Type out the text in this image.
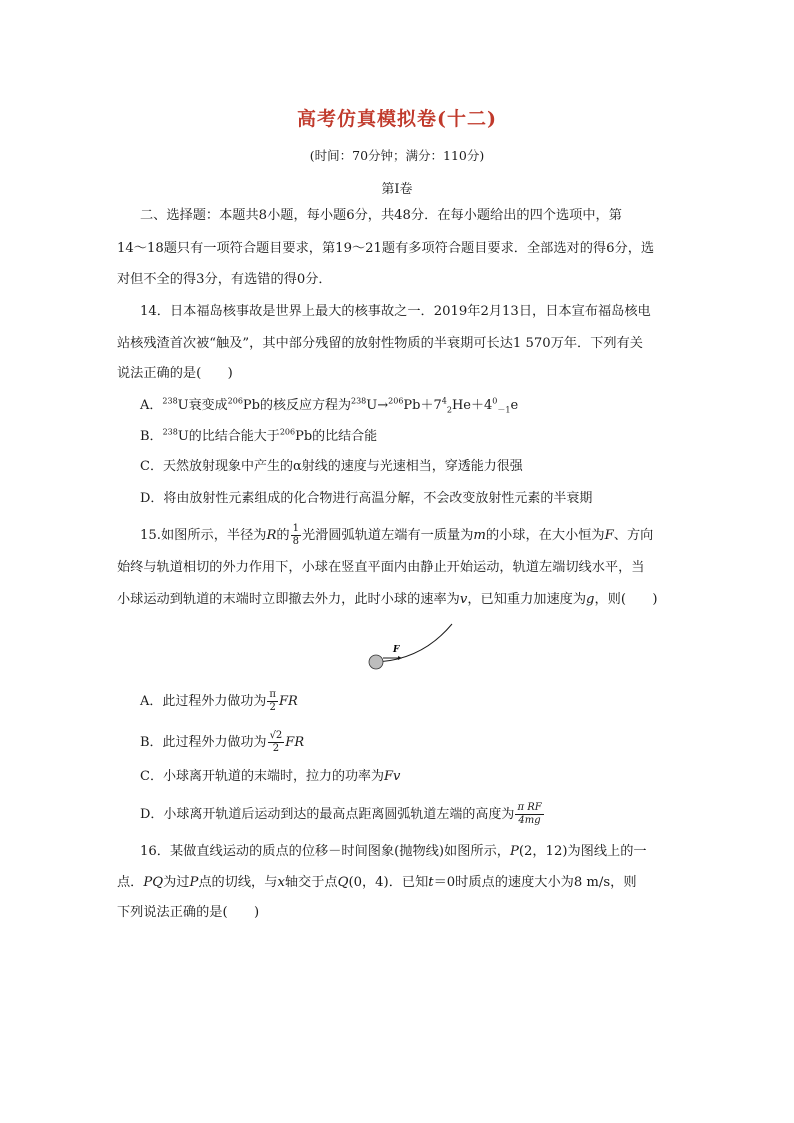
高考仿真模拟卷(十二)
(时间：70分钟；满分：110分)
第Ⅰ卷
二、选择题：本题共8小题，每小题6分，共48分．在每小题给出的四个选项中，第
14～18题只有一项符合题目要求，第19～21题有多项符合题目要求．全部选对的得6分，选
对但不全的得3分，有选错的得0分．
14．日本福岛核事故是世界上最大的核事故之一．2019年2月13日，日本宣布福岛核电
站核残渣首次被“触及”，其中部分残留的放射性物质的半衰期可长达1 570万年．下列有关
说法正确的是(　　)
A．$^{238}$U衰变成$^{206}$Pb的核反应方程为$^{238}U\to^{206}Pb+7^4_2He+4^0_{-1}e$
B．$^{238}$U的比结合能大于$^{206}$Pb的比结合能
C．天然放射现象中产生的α射线的速度与光速相当，穿透能力很强
D．将由放射性元素组成的化合物进行高温分解，不会改变放射性元素的半衰期
15.如图所示，半径为R的 $\frac{1}{8}$ 光滑圆弧轨道左端有一质量为m的小球，在大小恒为F、方向
始终与轨道相切的外力作用下，小球在竖直平面内由静止开始运动，轨道左端切线水平，当
小球运动到轨道的末端时立即撤去外力，此时小球的速率为v，已知重力加速度为g，则(　　)
F
A．此过程外力做功为 $\frac{\pi}{2}$ FR
B．此过程外力做功为 $\frac{√2}{2}$ FR
C．小球离开轨道的末端时，拉力的功率为Fv
D．小球离开轨道后运动到达的最高点距离圆弧轨道左端的高度为 $\frac{\text{π RF}}{4mg}$
16．某做直线运动的质点的位移－时间图象(抛物线)如图所示，P(2，12)为图线上的一
点．PQ为过P点的切线，与x轴交于点Q(0，4)．已知t＝0时质点的速度大小为8 m/s，则
下列说法正确的是(　　)
